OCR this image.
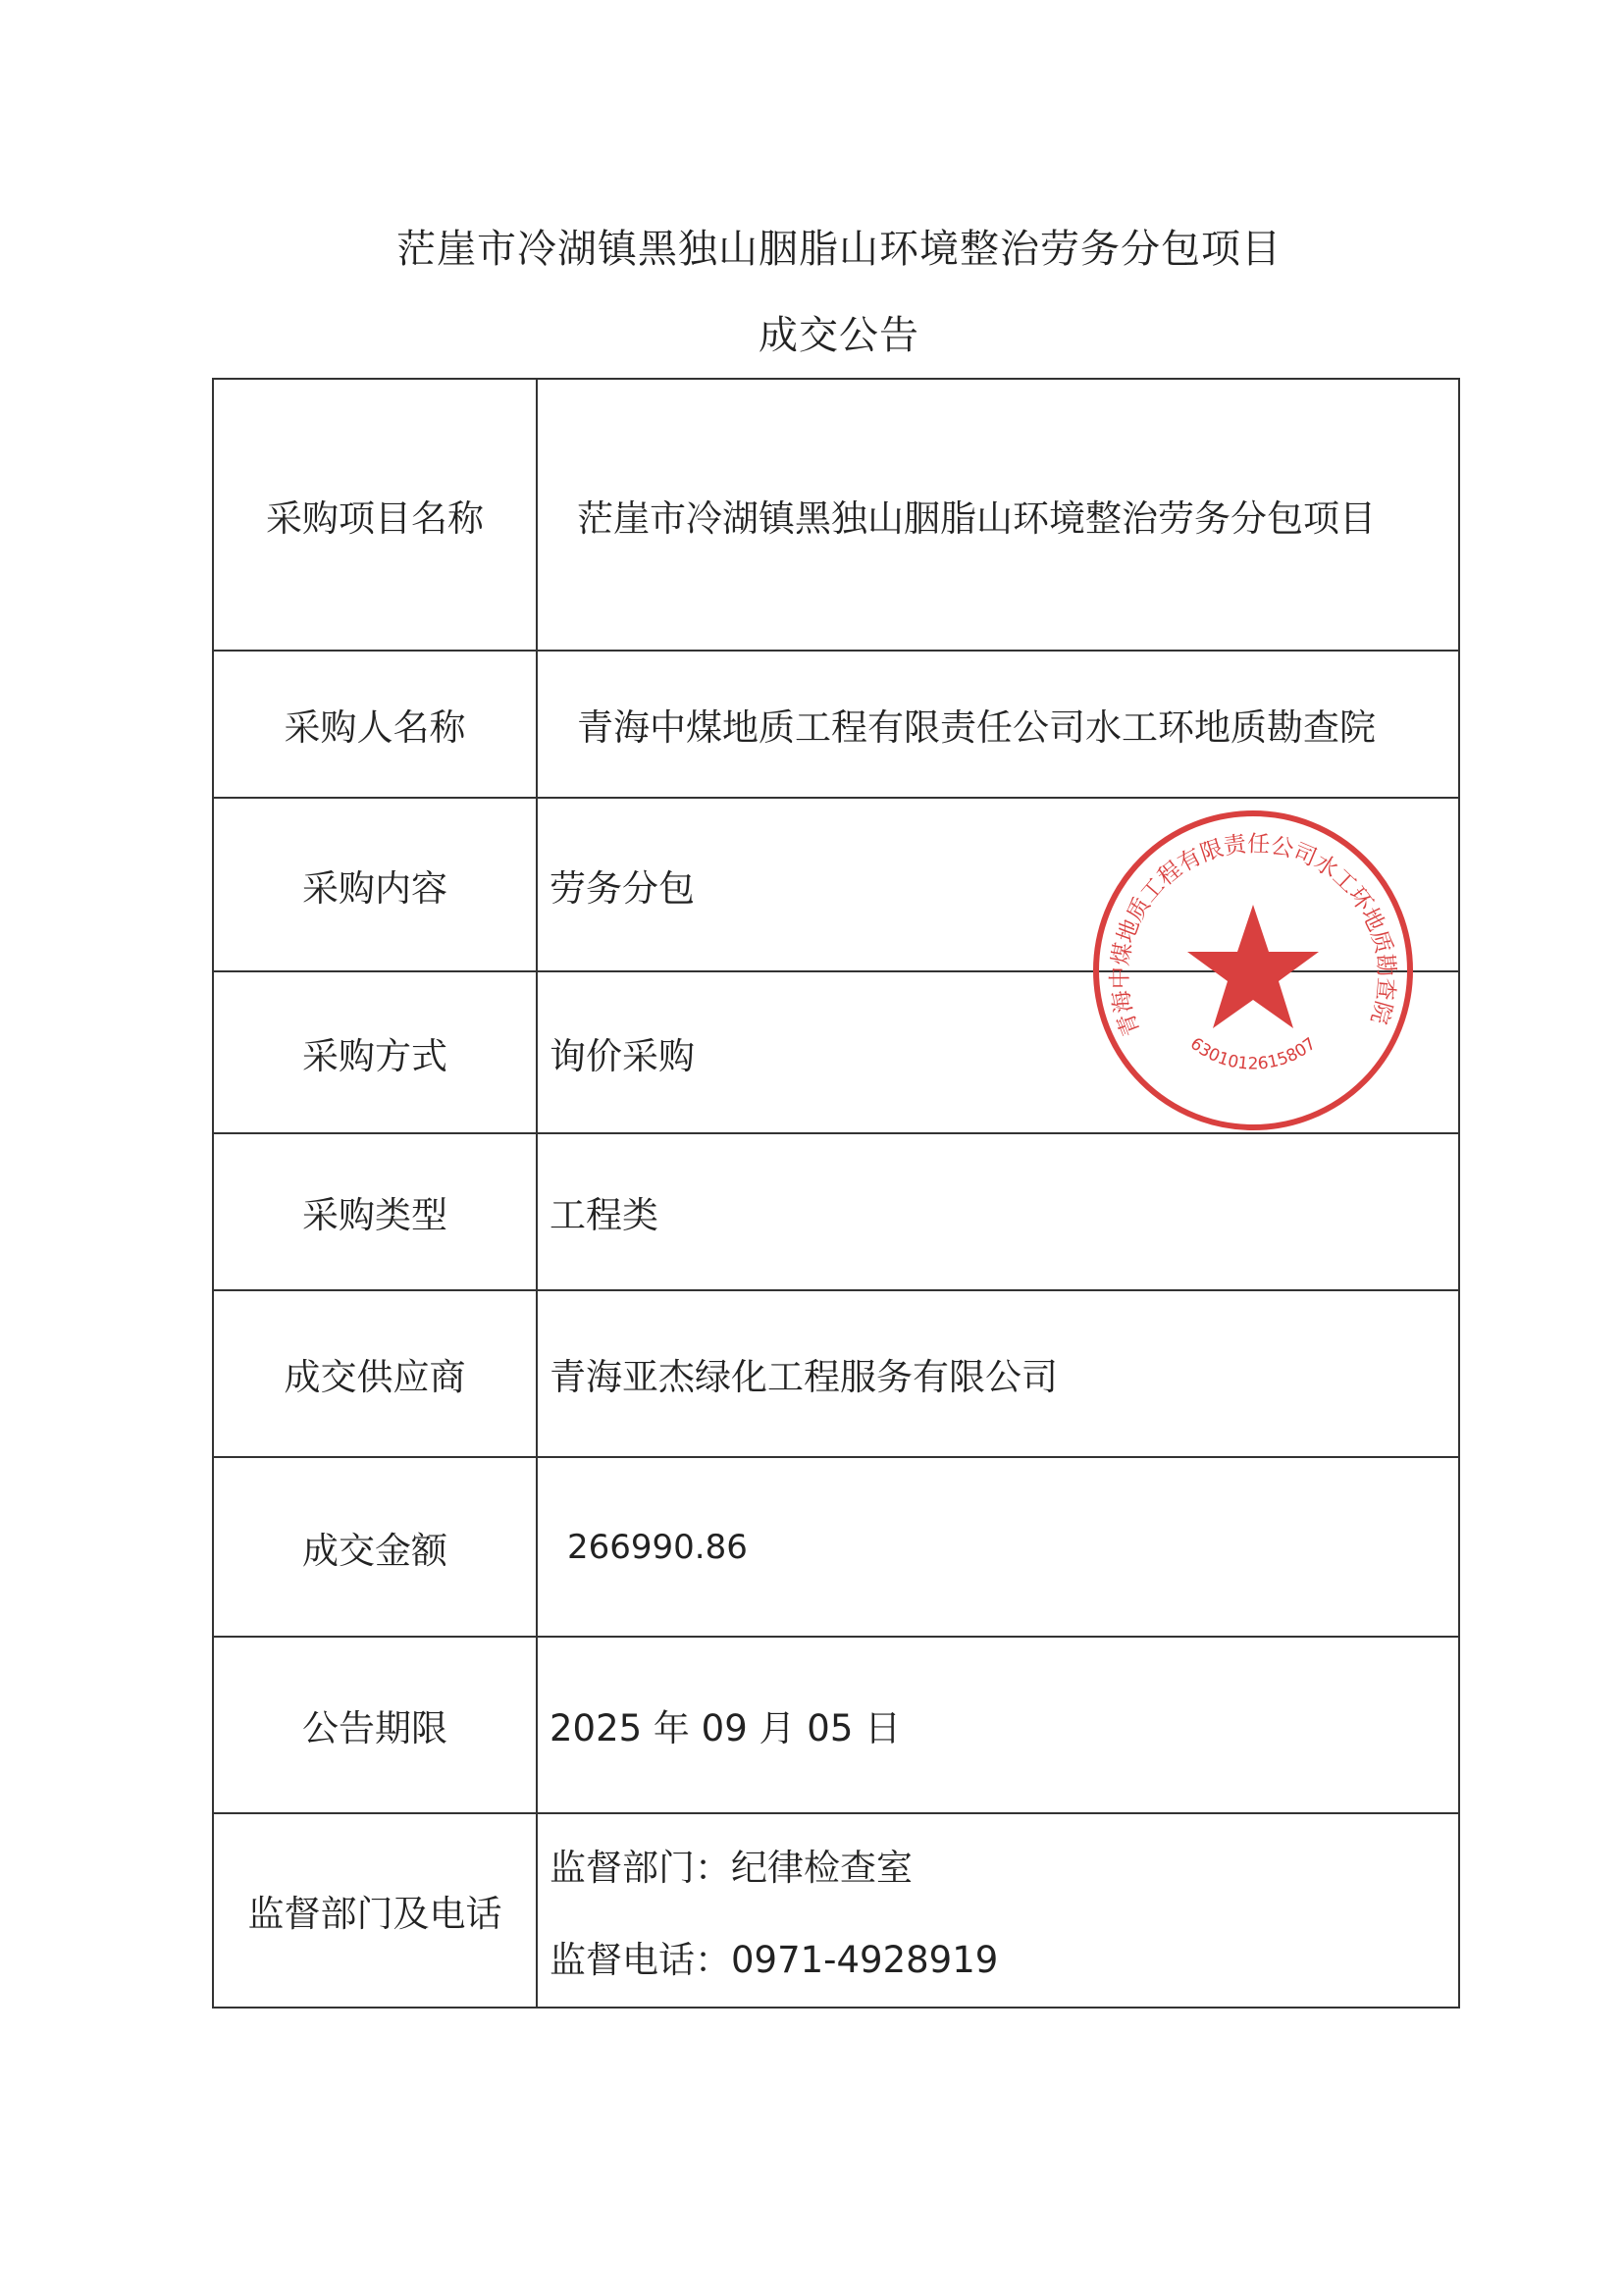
茫崖市冷湖镇黑独山胭脂山环境整治劳务分包项目
成交公告
采购项目名称	茫崖市冷湖镇黑独山胭脂山环境整治劳务分包项目
采购人名称	青海中煤地质工程有限责任公司水工环地质勘查院
采购内容	劳务分包
采购方式	询价采购
采购类型	工程类
成交供应商	青海亚杰绿化工程服务有限公司
成交金额	266990.86
公告期限	2025 年 09 月 05 日
监督部门及电话	监督部门：纪律检查室
监督电话：0971-4928919
青海中煤地质工程有限责任公司水工环地质勘查院
6301012615807
